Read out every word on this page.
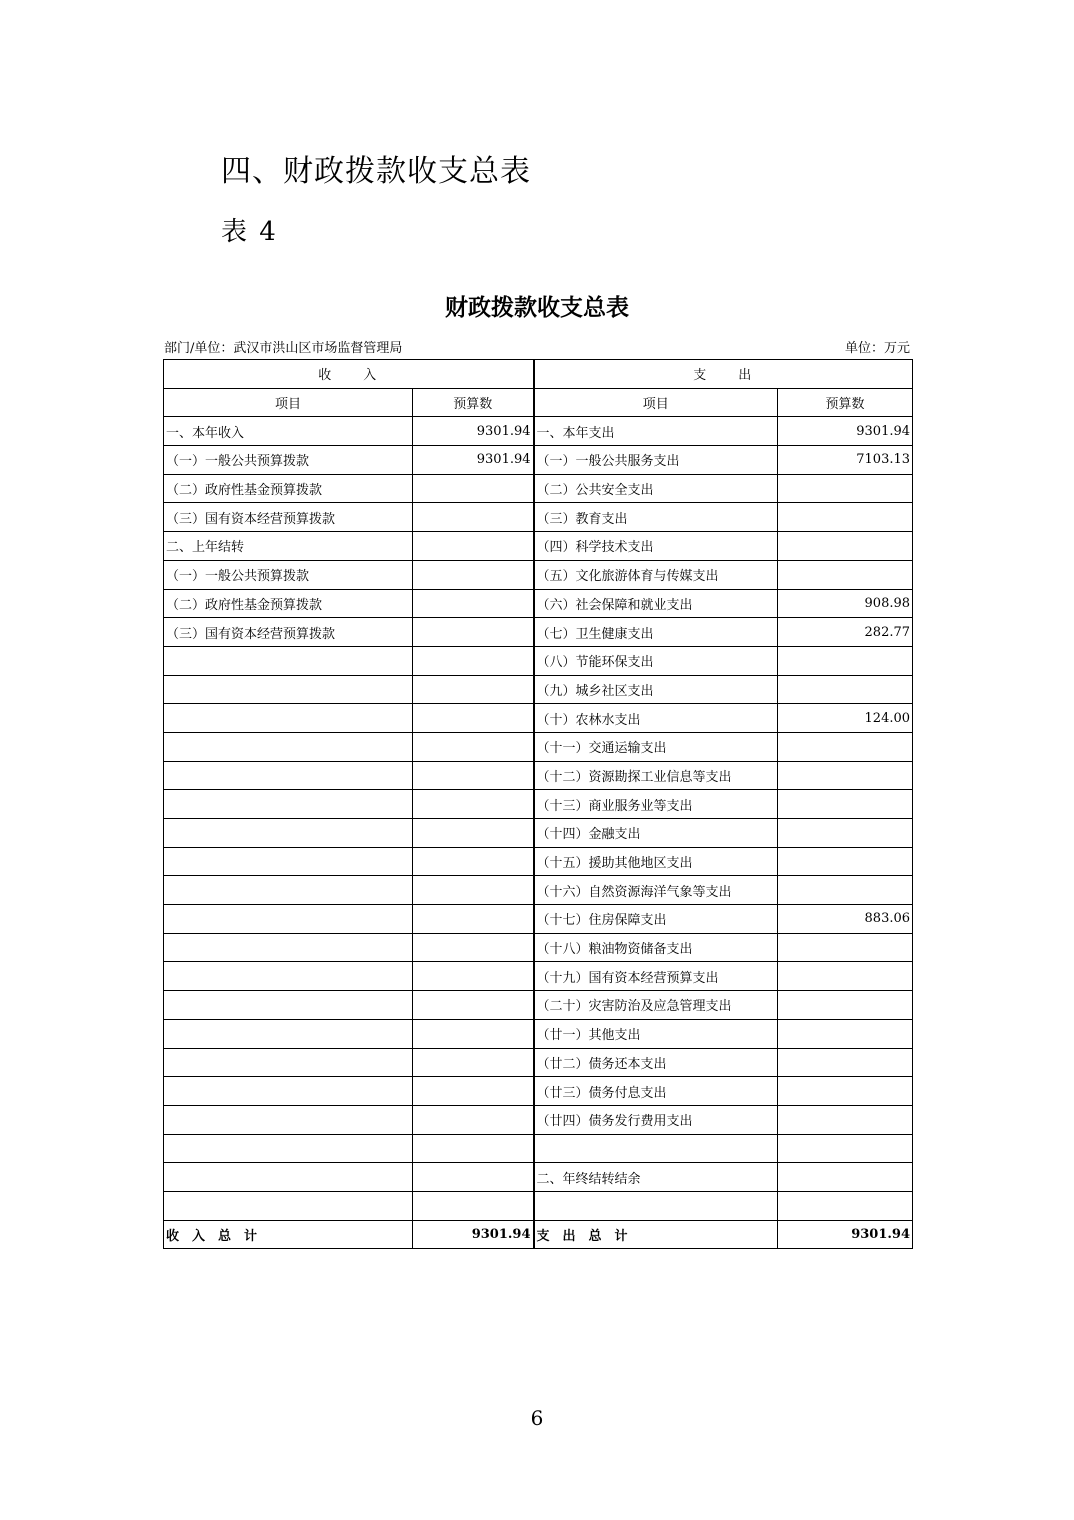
四、财政拨款收支总表
表 4
财政拨款收支总表
部门/单位：武汉市洪山区市场监督管理局	单位：万元
收　　入		支　　出	
项目	预算数	项目	预算数
一、本年收入	9301.94	一、本年支出	9301.94
（一）一般公共预算拨款	9301.94	（一）一般公共服务支出	7103.13
（二）政府性基金预算拨款		（二）公共安全支出	
（三）国有资本经营预算拨款		（三）教育支出	
二、上年结转		（四）科学技术支出	
（一）一般公共预算拨款		（五）文化旅游体育与传媒支出	
（二）政府性基金预算拨款		（六）社会保障和就业支出	908.98
（三）国有资本经营预算拨款		（七）卫生健康支出	282.77
		（八）节能环保支出	
		（九）城乡社区支出	
		（十）农林水支出	124.00
		（十一）交通运输支出	
		（十二）资源勘探工业信息等支出	
		（十三）商业服务业等支出	
		（十四）金融支出	
		（十五）援助其他地区支出	
		（十六）自然资源海洋气象等支出	
		（十七）住房保障支出	883.06
		（十八）粮油物资储备支出	
		（十九）国有资本经营预算支出	
		（二十）灾害防治及应急管理支出	
		（廿一）其他支出	
		（廿二）债务还本支出	
		（廿三）债务付息支出	
		（廿四）债务发行费用支出	

		二、年终结转结余	

收　入　总　计	9301.94	支　出　总　计	9301.94
6
